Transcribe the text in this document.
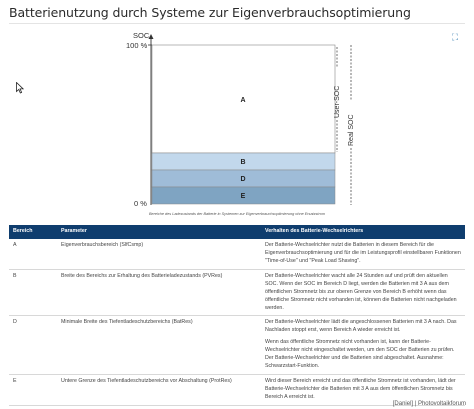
Batterienutzung durch Systeme zur Eigenverbrauchsoptimierung
⛶
SOC
100 %
0 %
A
B
D
E
User-SOC
Real SOC
Bereiche des Ladezustands der Batterie in Systemen zur Eigenverbrauchsoptimierung ohne Ersatzstrom
Bereich	Parameter	Verhalten des Batterie-Wechselrichters
A	Eigenverbrauchsbereich (SlfCsmp)	Der Batterie-Wechselrichter nutzt die Batterien in diesem Bereich für die Eigenverbrauchsoptimierung und für die im Leistungsprofil einstellbaren Funktionen "Time-of-Use" und "Peak Load Shaving".

B	Breite des Bereichs zur Erhaltung des Batterieladezustands (PVRes)	Der Batterie-Wechselrichter wacht alle 24 Stunden auf und prüft den aktuellen SOC. Wenn der SOC im Bereich D liegt, werden die Batterien mit 3 A aus dem öffentlichen Stromnetz bis zur oberen Grenze von Bereich B erhöht wenn das öffentliche Stromnetz nicht vorhanden ist, können die Batterien nicht nachgeladen werden.

D	Minimale Breite des Tiefentladeschutzbereichs (BatRes)	Der Batterie-Wechselrichter lädt die angeschlossenen Batterien mit 3 A nach. Das Nachladen stoppt erst, wenn Bereich A wieder erreicht ist.

Wenn das öffentliche Stromnetz nicht vorhanden ist, kann der Batterie-Wechselrichter nicht eingeschaltet werden, um den SOC der Batterien zu prüfen. Der Batterie-Wechselrichter und die Batterien sind abgeschaltet. Ausnahme: Schwarzstart-Funktion.

E	Untere Grenze des Tiefentladeschutzbereichs vor Abschaltung (ProtRes)	Wird dieser Bereich erreicht und das öffentliche Stromnetz ist vorhanden, lädt der Batterie-Wechselrichter die Batterien mit 3 A aus dem öffentlichen Stromnetz bis Bereich A erreicht ist.

[Daniel] | Photovoltaikforum
